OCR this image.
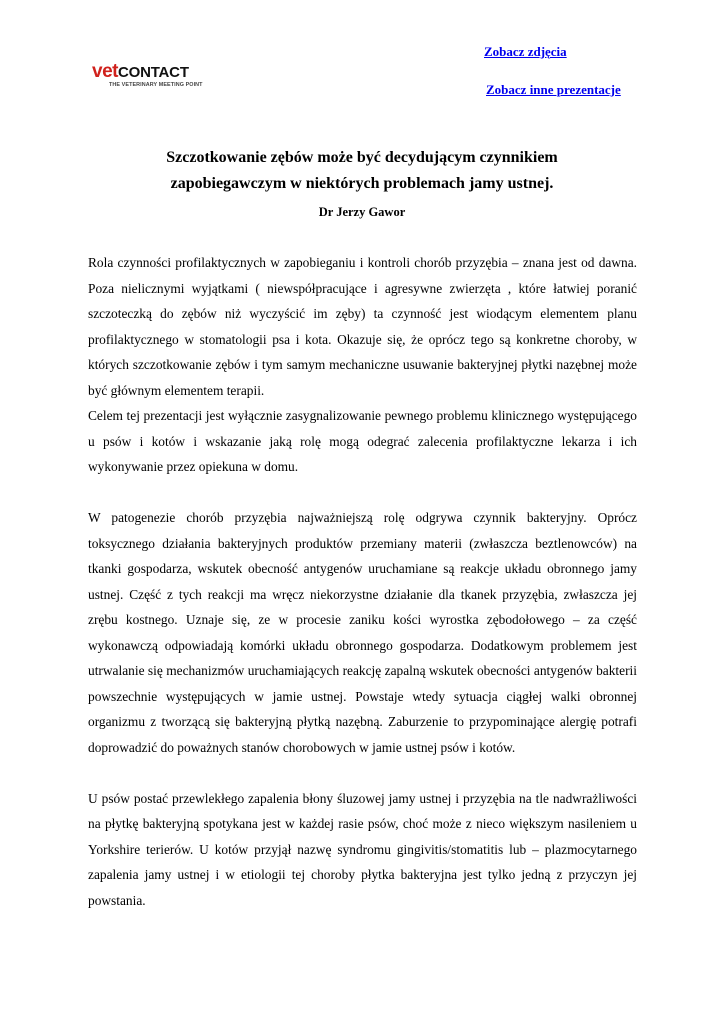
vetCONTACT
THE VETERINARY MEETING POINT
Zobacz zdjęcia
Zobacz inne prezentacje
Szczotkowanie zębów może być decydującym czynnikiem
zapobiegawczym w niektórych problemach jamy ustnej.
Dr Jerzy Gawor

Rola czynności profilaktycznych w zapobieganiu i kontroli chorób przyzębia – znana jest od dawna. Poza nielicznymi wyjątkami ( niewspółpracujące i agresywne zwierzęta , które łatwiej poranić szczoteczką do zębów niż wyczyścić im zęby) ta czynność jest wiodącym elementem planu profilaktycznego w stomatologii psa i kota. Okazuje się, że oprócz tego są konkretne choroby, w których szczotkowanie zębów i tym samym mechaniczne usuwanie bakteryjnej płytki nazębnej może być głównym elementem terapii.

Celem tej prezentacji jest wyłącznie zasygnalizowanie pewnego problemu klinicznego występującego u psów i kotów i wskazanie jaką rolę mogą odegrać zalecenia profilaktyczne lekarza i ich wykonywanie przez opiekuna w domu.

W patogenezie chorób przyzębia najważniejszą rolę odgrywa czynnik bakteryjny. Oprócz toksycznego działania bakteryjnych produktów przemiany materii (zwłaszcza beztlenowców) na tkanki gospodarza, wskutek obecność antygenów uruchamiane są reakcje układu obronnego jamy ustnej. Część z tych reakcji ma wręcz niekorzystne działanie dla tkanek przyzębia, zwłaszcza jej zrębu kostnego. Uznaje się, ze w procesie zaniku kości wyrostka zębodołowego – za część wykonawczą odpowiadają komórki układu obronnego gospodarza. Dodatkowym problemem jest utrwalanie się mechanizmów uruchamiających reakcję zapalną wskutek obecności antygenów bakterii powszechnie występujących w jamie ustnej. Powstaje wtedy sytuacja ciągłej walki obronnej organizmu z tworzącą się bakteryjną płytką nazębną. Zaburzenie to przypominające alergię potrafi doprowadzić do poważnych stanów chorobowych w jamie ustnej psów i kotów.

U psów postać przewlekłego zapalenia błony śluzowej jamy ustnej i przyzębia na tle nadwrażliwości na płytkę bakteryjną spotykana jest w każdej rasie psów, choć może z nieco większym nasileniem u Yorkshire terierów. U kotów przyjął nazwę syndromu gingivitis/stomatitis lub – plazmocytarnego zapalenia jamy ustnej i w etiologii tej choroby płytka bakteryjna jest tylko jedną z przyczyn jej powstania.
